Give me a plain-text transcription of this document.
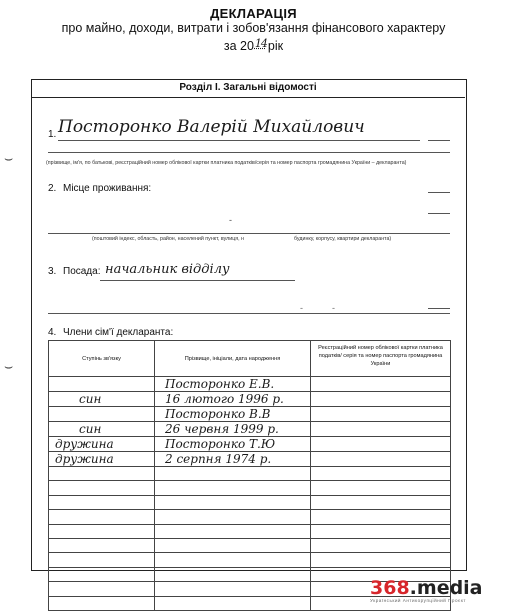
ДЕКЛАРАЦІЯ
про майно, доходи, витрати і зобов'язання фінансового характеру
за 2014рік
⌣
⌣
Розділ І. Загальні відомості
1. Посторонко Валерій Михайлович
(прізвище, ім'я, по батькові, реєстраційний номер облікової картки платника податків/серія та номер паспорта громадянина України – декларанта)
2. Місце проживання:
-
(поштовий індекс, область, район, населений пункт, вулиця, н	будинку, корпусу, квартири декларанта)
3. Посада: начальник відділу
-	-
4. Члени сім'ї декларанта:
Ступінь зв'язку	Прізвище, ініціали, дата народження	Реєстраційний номер облікової картки платника податків/ серія та номер паспорта громадянина України
	Посторонко Е.В.	
син	16 лютого 1996 р.	
	Посторонко В.В	
син	26 червня 1999 р.	
дружина	Посторонко Т.Ю	
дружина	2 серпня 1974 р.	

368.media
Український Антикорупційний Проєкт
